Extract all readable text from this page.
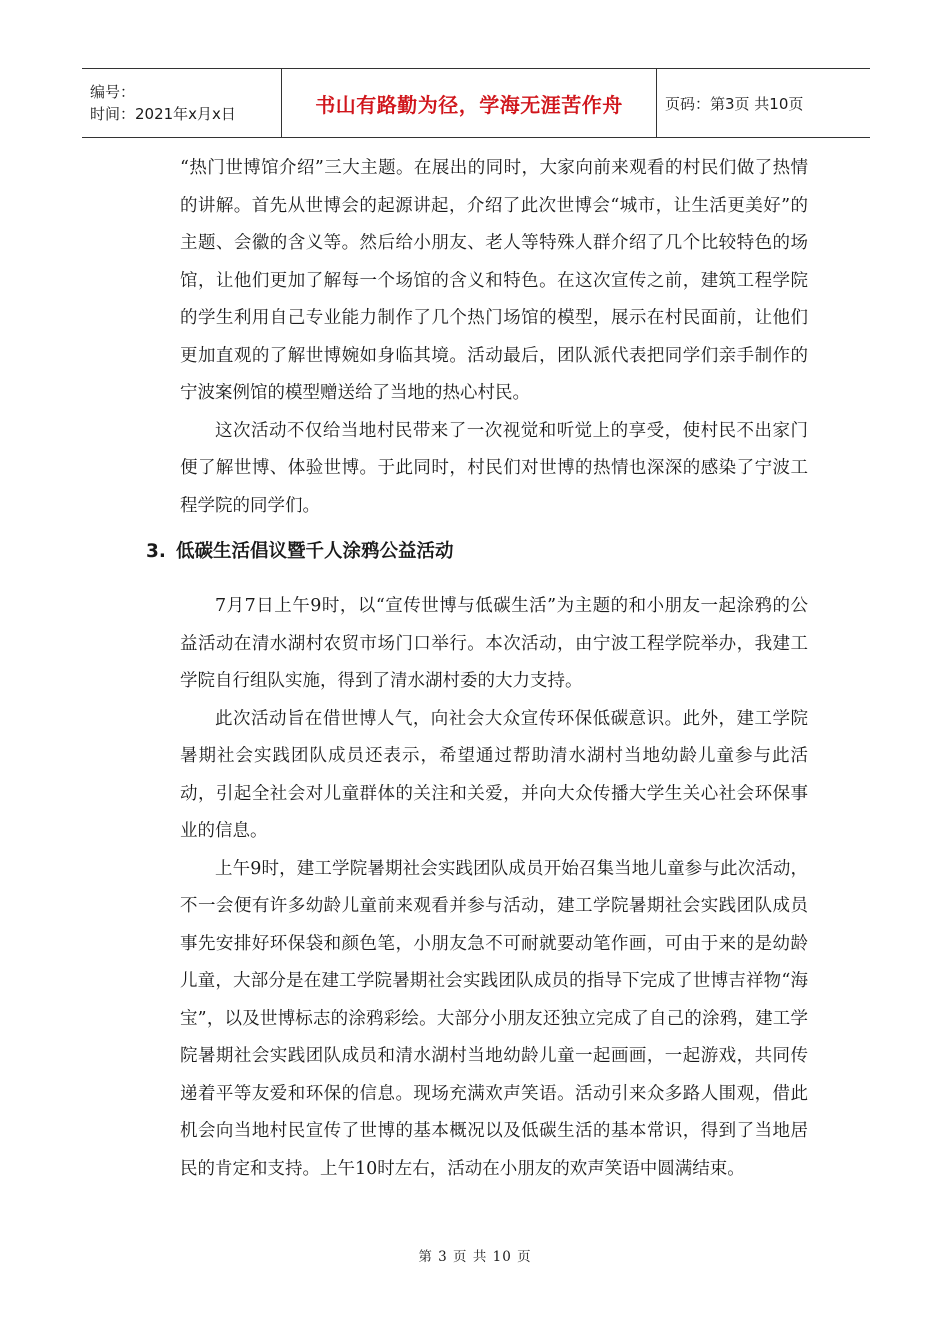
编号：
时间：2021年x月x日	书山有路勤为径，学海无涯苦作舟	页码：第3页 共10页

“热门世博馆介绍”三大主题。在展出的同时，大家向前来观看的村民们做了热情的讲解。首先从世博会的起源讲起，介绍了此次世博会“城市，让生活更美好”的主题、会徽的含义等。然后给小朋友、老人等特殊人群介绍了几个比较特色的场馆，让他们更加了解每一个场馆的含义和特色。在这次宣传之前，建筑工程学院的学生利用自己专业能力制作了几个热门场馆的模型，展示在村民面前，让他们更加直观的了解世博婉如身临其境。活动最后，团队派代表把同学们亲手制作的宁波案例馆的模型赠送给了当地的热心村民。

这次活动不仅给当地村民带来了一次视觉和听觉上的享受，使村民不出家门便了解世博、体验世博。于此同时，村民们对世博的热情也深深的感染了宁波工程学院的同学们。

3. 低碳生活倡议暨千人涂鸦公益活动

7月7日上午9时，以“宣传世博与低碳生活”为主题的和小朋友一起涂鸦的公益活动在清水湖村农贸市场门口举行。本次活动，由宁波工程学院举办，我建工学院自行组队实施，得到了清水湖村委的大力支持。

此次活动旨在借世博人气，向社会大众宣传环保低碳意识。此外，建工学院暑期社会实践团队成员还表示，希望通过帮助清水湖村当地幼龄儿童参与此活动，引起全社会对儿童群体的关注和关爱，并向大众传播大学生关心社会环保事业的信息。

上午9时，建工学院暑期社会实践团队成员开始召集当地儿童参与此次活动，不一会便有许多幼龄儿童前来观看并参与活动，建工学院暑期社会实践团队成员事先安排好环保袋和颜色笔，小朋友急不可耐就要动笔作画，可由于来的是幼龄儿童，大部分是在建工学院暑期社会实践团队成员的指导下完成了世博吉祥物“海宝”，以及世博标志的涂鸦彩绘。大部分小朋友还独立完成了自己的涂鸦，建工学院暑期社会实践团队成员和清水湖村当地幼龄儿童一起画画，一起游戏，共同传递着平等友爱和环保的信息。现场充满欢声笑语。活动引来众多路人围观，借此机会向当地村民宣传了世博的基本概况以及低碳生活的基本常识，得到了当地居民的肯定和支持。上午10时左右，活动在小朋友的欢声笑语中圆满结束。

第 3 页 共 10 页
